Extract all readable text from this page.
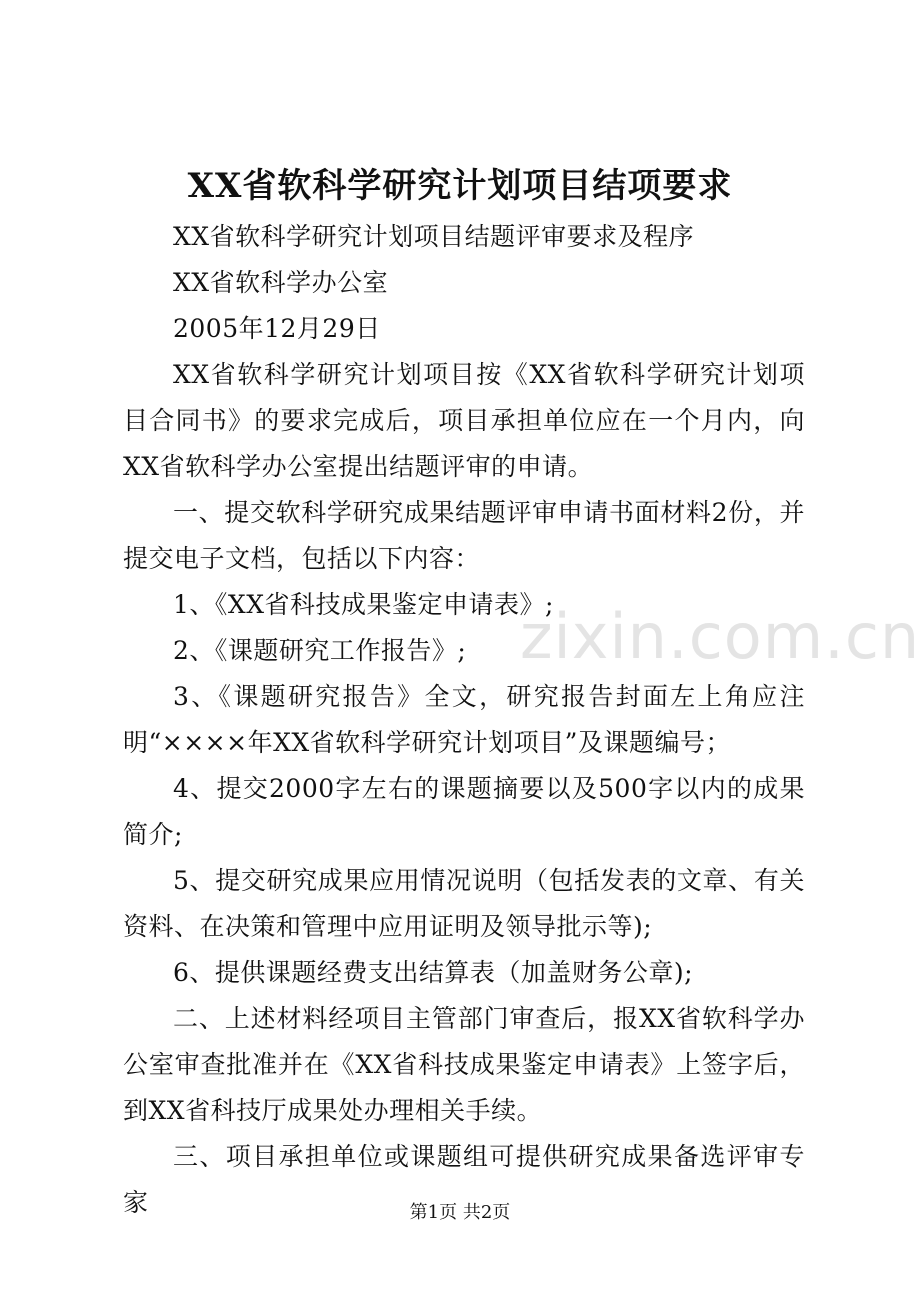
zixin.com.cn
XX省软科学研究计划项目结项要求

XX省软科学研究计划项目结题评审要求及程序

XX省软科学办公室

2005年12月29日

XX省软科学研究计划项目按《XX省软科学研究计划项目合同书》的要求完成后，项目承担单位应在一个月内，向XX省软科学办公室提出结题评审的申请。

一、提交软科学研究成果结题评审申请书面材料2份，并提交电子文档，包括以下内容：

1、《XX省科技成果鉴定申请表》;

2、《课题研究工作报告》;

3、《课题研究报告》全文，研究报告封面左上角应注明“××××年XX省软科学研究计划项目”及课题编号；

4、提交2000字左右的课题摘要以及500字以内的成果简介;

5、提交研究成果应用情况说明（包括发表的文章、有关资料、在决策和管理中应用证明及领导批示等);

6、提供课题经费支出结算表（加盖财务公章);

二、上述材料经项目主管部门审查后，报XX省软科学办公室审查批准并在《XX省科技成果鉴定申请表》上签字后，到XX省科技厅成果处办理相关手续。

三、项目承担单位或课题组可提供研究成果备选评审专家	第1页 共2页
